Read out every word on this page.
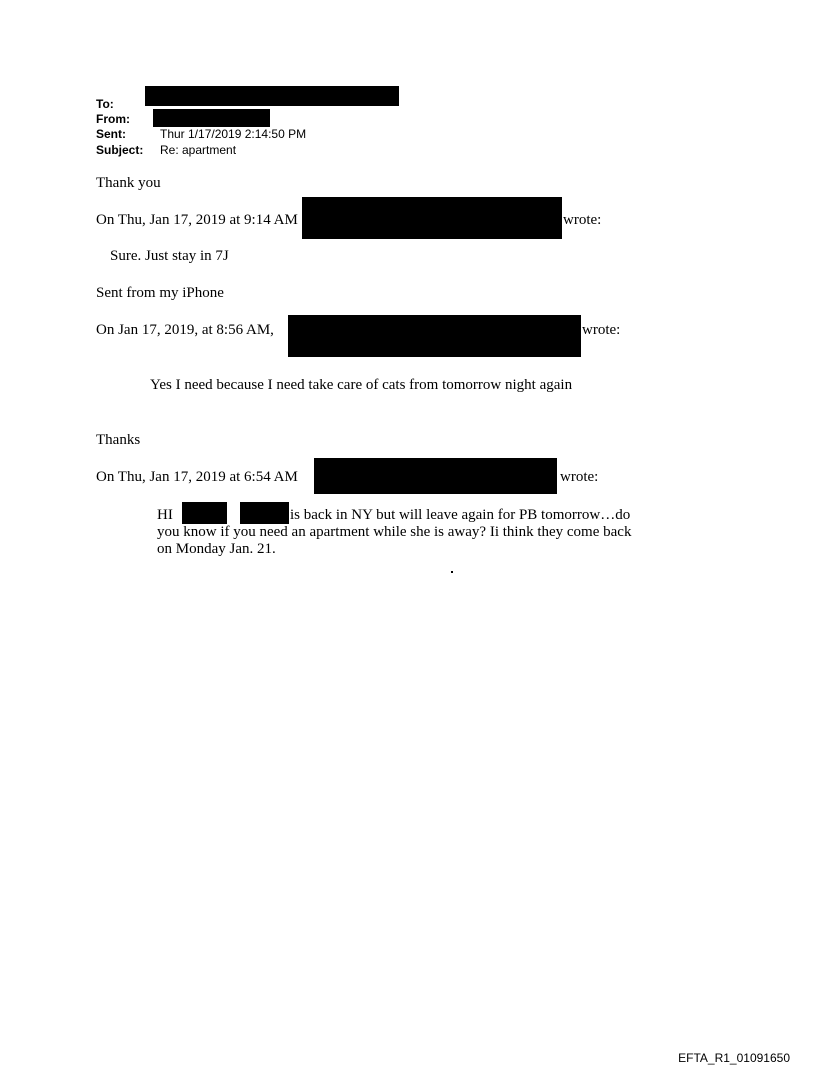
To:
From:
Sent:	Thur 1/17/2019 2:14:50 PM
Subject: Re: apartment
Thank you
On Thu, Jan 17, 2019 at 9:14 AM	wrote:
Sure. Just stay in 7J
Sent from my iPhone
On Jan 17, 2019, at 8:56 AM,	wrote:
Yes I need because I need take care of cats from tomorrow night again
Thanks
On Thu, Jan 17, 2019 at 6:54 AM	wrote:
HI	is back in NY but will leave again for PB tomorrow…do
you know if you need an apartment while she is away? Ii think they come back
on Monday Jan. 21.
EFTA_R1_01091650
